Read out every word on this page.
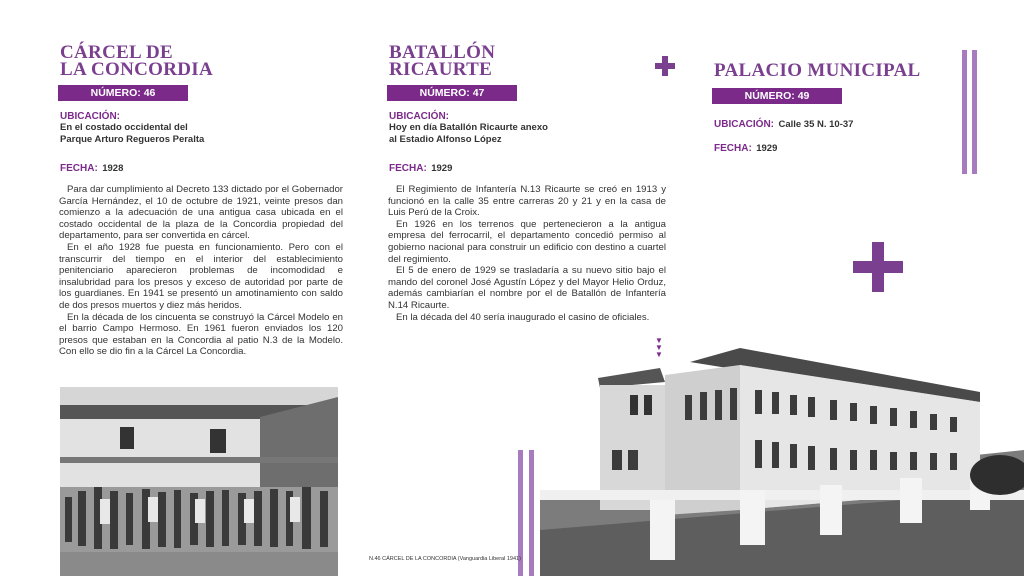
CÁRCEL DE
LA CONCORDIA
NÚMERO: 46
UBICACIÓN:
En el costado occidental del
Parque Arturo Regueros Peralta
FECHA: 1928

Para dar cumplimiento al Decreto 133 dictado por el Gobernador García Hernández, el 10 de octubre de 1921, veinte presos dan comienzo a la adecuación de una antigua casa ubicada en el costado occidental de la plaza de la Concordia propiedad del departamento, para ser convertida en cárcel.

En el año 1928 fue puesta en funcionamiento. Pero con el transcurrir del tiempo en el interior del establecimiento penitenciario aparecieron problemas de incomodidad e insalubridad para los presos y exceso de autoridad por parte de los guardianes. En 1941 se presentó un amotinamiento con saldo de dos presos muertos y diez más heridos.

En la década de los cincuenta se construyó la Cárcel Modelo en el barrio Campo Hermoso. En 1961 fueron enviados los 120 presos que estaban en la Concordia al patio N.3 de la Modelo. Con ello se dio fin a la Cárcel La Concordia.

BATALLÓN
RICAURTE
NÚMERO: 47
UBICACIÓN:
Hoy en día Batallón Ricaurte anexo
al Estadio Alfonso López
FECHA: 1929

El Regimiento de Infantería N.13 Ricaurte se creó en 1913 y funcionó en la calle 35 entre carreras 20 y 21 y en la casa de Luis Perú de la Croix.

En 1926 en los terrenos que pertenecieron a la antigua empresa del ferrocarril, el departamento concedió permiso al gobierno nacional para construir un edificio con destino a cuartel del regimiento.

El 5 de enero de 1929 se trasladaría a su nuevo sitio bajo el mando del coronel José Agustín López y del Mayor Helio Orduz, además cambiarían el nombre por el de Batallón de Infantería N.14 Ricaurte.

En la década del 40 sería inaugurado el casino de oficiales.

PALACIO MUNICIPAL
NÚMERO: 49
UBICACIÓN: Calle 35 N. 10-37
FECHA: 1929
▼
▼
▼
N.46 CÁRCEL DE LA CONCORDIA (Vanguardia Liberal 1941)
